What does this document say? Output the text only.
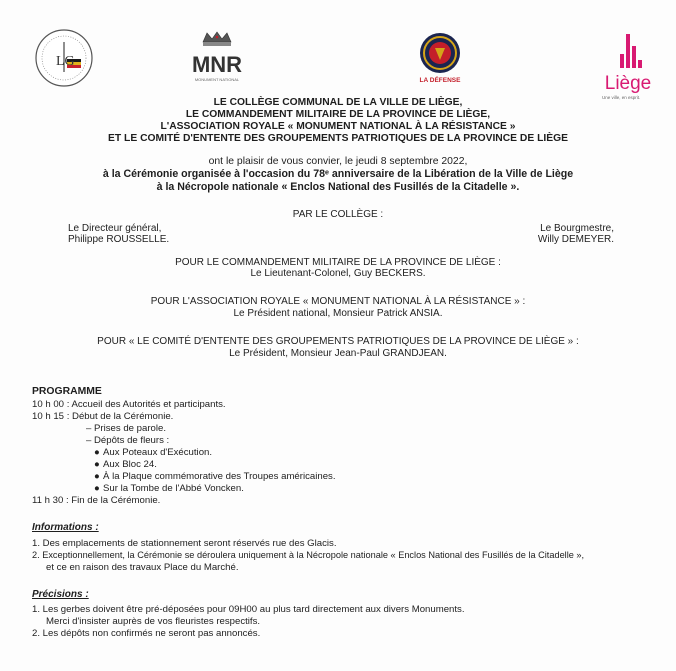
LG	MNR
MONUMENT NATIONAL	LA DÉFENSE	Liège
Une ville, en esprit.
LE COLLÈGE COMMUNAL DE LA VILLE DE LIÈGE,
LE COMMANDEMENT MILITAIRE DE LA PROVINCE DE LIÈGE,
L'ASSOCIATION ROYALE « MONUMENT NATIONAL À LA RÉSISTANCE »
ET LE COMITÉ D'ENTENTE DES GROUPEMENTS PATRIOTIQUES DE LA PROVINCE DE LIÈGE
ont le plaisir de vous convier, le jeudi 8 septembre 2022,
à la Cérémonie organisée à l'occasion du 78ᵉ anniversaire de la Libération de la Ville de Liège
à la Nécropole nationale « Enclos National des Fusillés de la Citadelle ».
PAR LE COLLÈGE :
Le Directeur général,
Philippe ROUSSELLE.
Le Bourgmestre,
Willy DEMEYER.
POUR LE COMMANDEMENT MILITAIRE DE LA PROVINCE DE LIÈGE :
Le Lieutenant-Colonel, Guy BECKERS.
POUR L'ASSOCIATION ROYALE « MONUMENT NATIONAL À LA RÉSISTANCE » :
Le Président national, Monsieur Patrick ANSIA.
POUR « LE COMITÉ D'ENTENTE DES GROUPEMENTS PATRIOTIQUES DE LA PROVINCE DE LIÈGE » :
Le Président, Monsieur Jean-Paul GRANDJEAN.
PROGRAMME
10 h 00 : Accueil des Autorités et participants.
10 h 15 : Début de la Cérémonie.
– Prises de parole.
– Dépôts de fleurs :
● Aux Poteaux d'Exécution.
● Aux Bloc 24.
● À la Plaque commémorative des Troupes américaines.
● Sur la Tombe de l'Abbé Voncken.
11 h 30 : Fin de la Cérémonie.
Informations :
1. Des emplacements de stationnement seront réservés rue des Glacis.
2. Exceptionnellement, la Cérémonie se déroulera uniquement à la Nécropole nationale « Enclos National des Fusillés de la Citadelle »,
et ce en raison des travaux Place du Marché.
Précisions :
1. Les gerbes doivent être pré-déposées pour 09H00 au plus tard directement aux divers Monuments.
Merci d'insister auprès de vos fleuristes respectifs.
2. Les dépôts non confirmés ne seront pas annoncés.
